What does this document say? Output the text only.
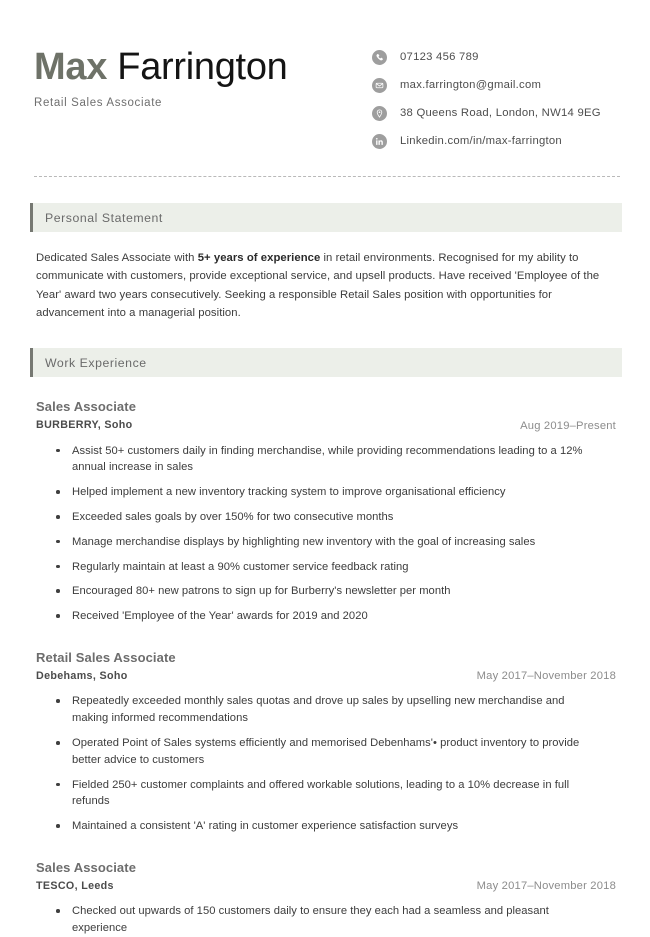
Max Farrington
Retail Sales Associate
07123 456 789
max.farrington@gmail.com
38 Queens Road, London, NW14 9EG
Linkedin.com/in/max-farrington
Personal Statement

Dedicated Sales Associate with 5+ years of experience in retail environments. Recognised for my ability to communicate with customers, provide exceptional service, and upsell products. Have received 'Employee of the Year' award two years consecutively. Seeking a responsible Retail Sales position with opportunities for advancement into a managerial position.

Work Experience
Sales Associate
BURBERRY, Soho	Aug 2019–Present
Assist 50+ customers daily in finding merchandise, while providing recommendations leading to a 12% annual increase in sales
Helped implement a new inventory tracking system to improve organisational efficiency
Exceeded sales goals by over 150% for two consecutive months
Manage merchandise displays by highlighting new inventory with the goal of increasing sales
Regularly maintain at least a 90% customer service feedback rating
Encouraged 80+ new patrons to sign up for Burberry's newsletter per month
Received 'Employee of the Year' awards for 2019 and 2020
Retail Sales Associate
Debehams, Soho	May 2017–November 2018
Repeatedly exceeded monthly sales quotas and drove up sales by upselling new merchandise and making informed recommendations
Operated Point of Sales systems efficiently and memorised Debenhams'• product inventory to provide better advice to customers
Fielded 250+ customer complaints and offered workable solutions, leading to a 10% decrease in full refunds
Maintained a consistent 'A' rating in customer experience satisfaction surveys
Sales Associate
TESCO, Leeds	May 2017–November 2018
Checked out upwards of 150 customers daily to ensure they each had a seamless and pleasant experience
